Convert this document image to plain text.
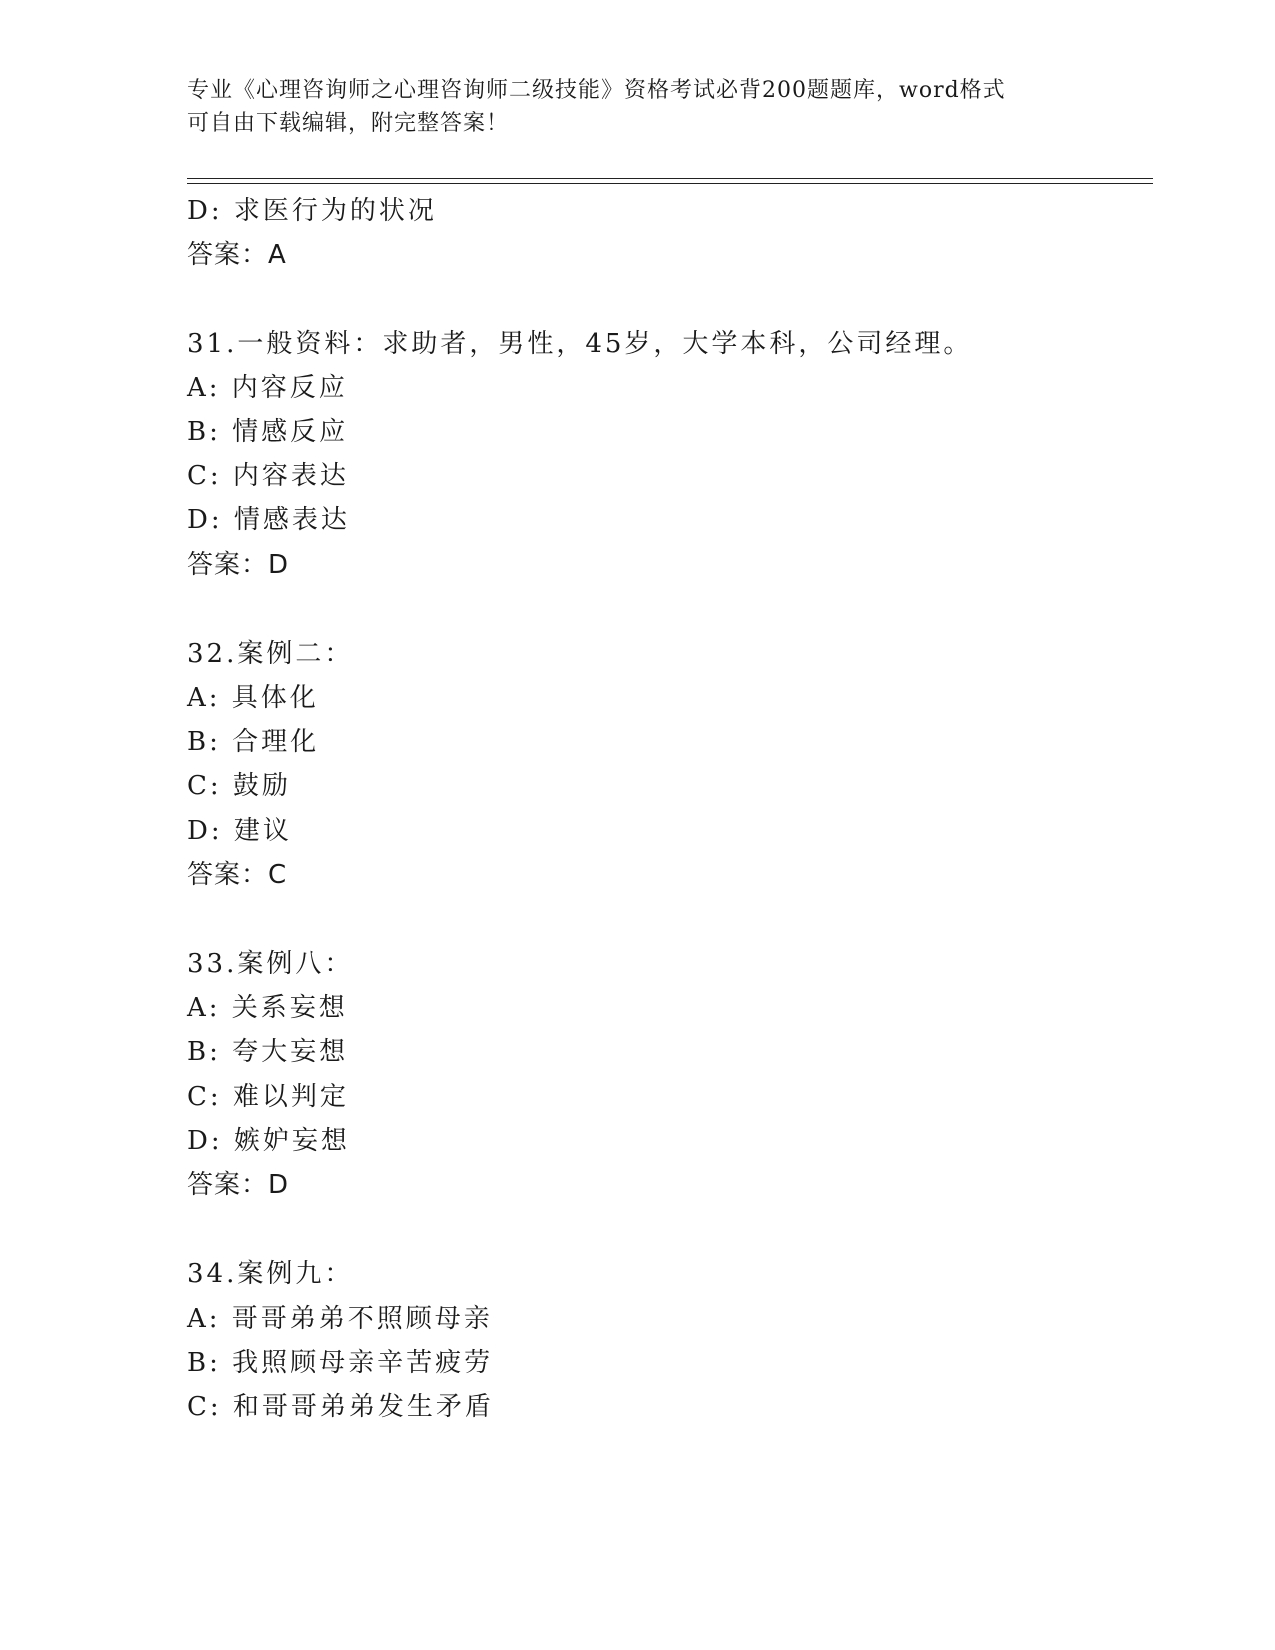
专业《心理咨询师之心理咨询师二级技能》资格考试必背200题题库，word格式
可自由下载编辑，附完整答案！
D: 求医行为的状况
答案：A
31.一般资料：求助者，男性，45岁，大学本科，公司经理。
A: 内容反应
B: 情感反应
C: 内容表达
D: 情感表达
答案：D
32.案例二：
A: 具体化
B: 合理化
C: 鼓励
D: 建议
答案：C
33.案例八：
A: 关系妄想
B: 夸大妄想
C: 难以判定
D: 嫉妒妄想
答案：D
34.案例九：
A: 哥哥弟弟不照顾母亲
B: 我照顾母亲辛苦疲劳
C: 和哥哥弟弟发生矛盾
